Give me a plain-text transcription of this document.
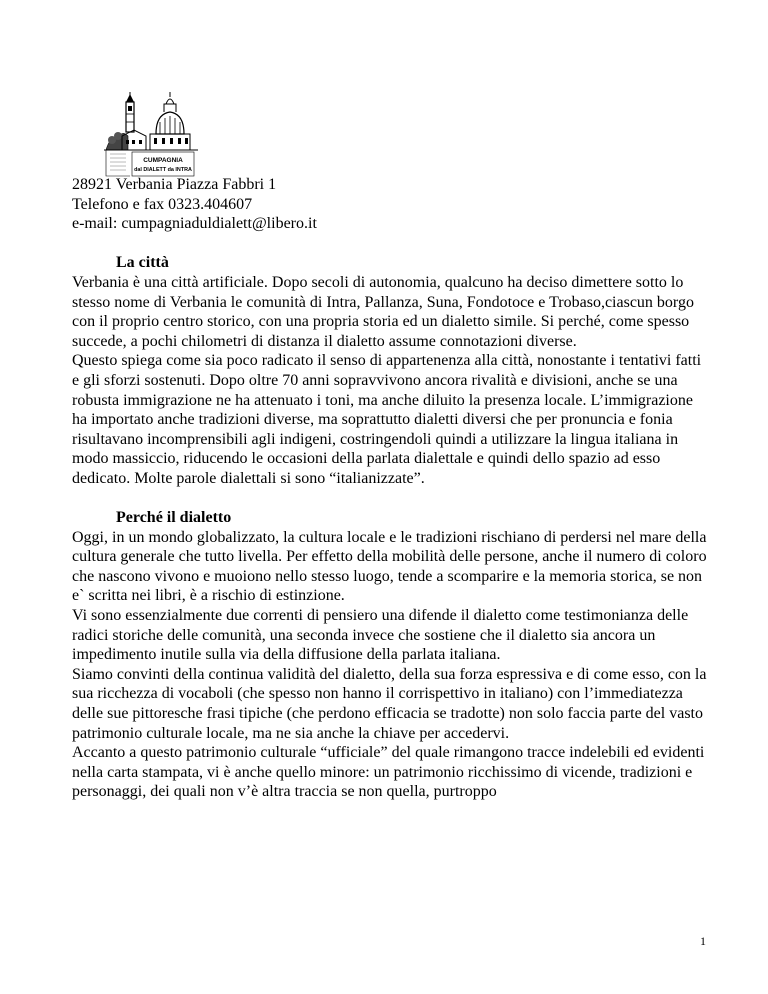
CUMPAGNIA
dal DIALETT da INTRA
28921 Verbania Piazza Fabbri 1
Telefono e fax 0323.404607
e-mail: cumpagniaduldialett@libero.it

La città

Verbania è una città artificiale. Dopo secoli di autonomia, qualcuno ha deciso dimettere sotto lo stesso nome di Verbania le comunità di Intra, Pallanza, Suna, Fondotoce e Trobaso,ciascun borgo con il proprio centro storico, con una propria storia ed un dialetto simile. Si perché, come spesso succede, a pochi chilometri di distanza il dialetto assume connotazioni diverse.

Questo spiega come sia poco radicato il senso di appartenenza alla città, nonostante i tentativi fatti e gli sforzi sostenuti. Dopo oltre 70 anni sopravvivono ancora rivalità e divisioni, anche se una robusta immigrazione ne ha attenuato i toni, ma anche diluito la presenza locale. L’immigrazione ha importato anche tradizioni diverse, ma soprattutto dialetti diversi che per pronuncia e fonia risultavano incomprensibili agli indigeni, costringendoli quindi a utilizzare la lingua italiana in modo massiccio, riducendo le occasioni della parlata dialettale e quindi dello spazio ad esso dedicato. Molte parole dialettali si sono “italianizzate”.

Perché il dialetto

Oggi, in un mondo globalizzato, la cultura locale e le tradizioni rischiano di perdersi nel mare della cultura generale che tutto livella. Per effetto della mobilità delle persone, anche il numero di coloro che nascono vivono e muoiono nello stesso luogo, tende a scomparire e la memoria storica, se non e` scritta nei libri, è a rischio di estinzione.

Vi sono essenzialmente due correnti di pensiero una difende il dialetto come testimonianza delle radici storiche delle comunità, una seconda invece che sostiene che il dialetto sia ancora un impedimento inutile sulla via della diffusione della parlata italiana.

Siamo convinti della continua validità del dialetto, della sua forza espressiva e di come esso, con la sua ricchezza di vocaboli (che spesso non hanno il corrispettivo in italiano) con l’immediatezza delle sue pittoresche frasi tipiche (che perdono efficacia se tradotte) non solo faccia parte del vasto patrimonio culturale locale, ma ne sia anche la chiave per accedervi.

Accanto a questo patrimonio culturale “ufficiale” del quale rimangono tracce indelebili ed evidenti nella carta stampata, vi è anche quello minore: un patrimonio ricchissimo di vicende, tradizioni e personaggi, dei quali non v’è altra traccia se non quella, purtroppo

1
